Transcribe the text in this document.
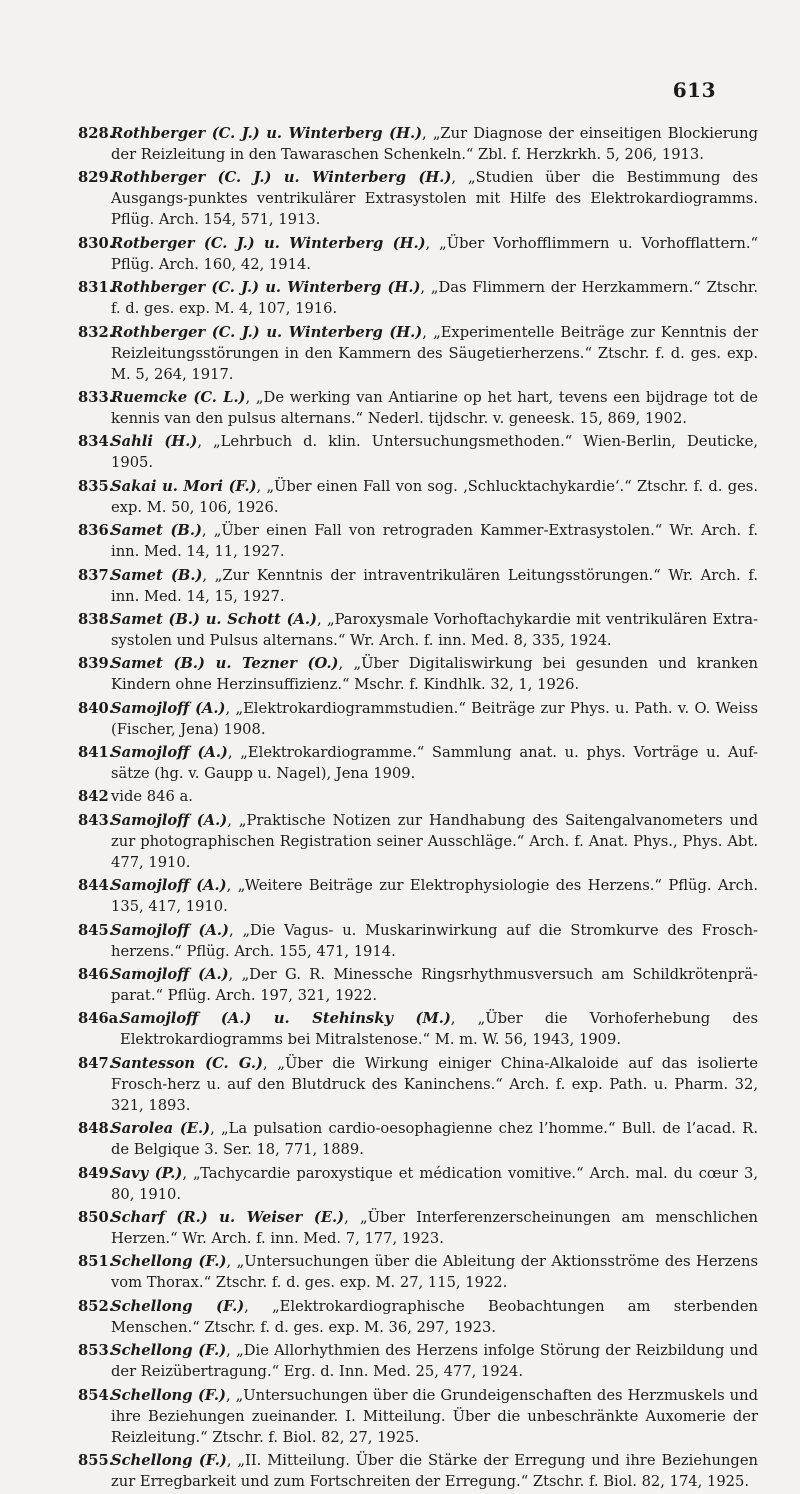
613

828.
Rothberger (C. J.) u. Winterberg (H.), „Zur Diagnose der einseitigen Blockierung der Reizleitung in den Tawaraschen Schenkeln.“ Zbl. f. Herzkrkh. 5, 206, 1913.

829.
Rothberger (C. J.) u. Winterberg (H.), „Studien über die Bestimmung des Ausgangs-punktes ventrikulärer Extrasystolen mit Hilfe des Elektrokardiogramms. Pflüg. Arch. 154, 571, 1913.

830.
Rotberger (C. J.) u. Winterberg (H.), „Über Vorhofflimmern u. Vorhofflattern.“ Pflüg. Arch. 160, 42, 1914.

831.
Rothberger (C. J.) u. Winterberg (H.), „Das Flimmern der Herzkammern.“ Ztschr. f. d. ges. exp. M. 4, 107, 1916.

832.
Rothberger (C. J.) u. Winterberg (H.), „Experimentelle Beiträge zur Kenntnis der Reizleitungsstörungen in den Kammern des Säugetierherzens.“ Ztschr. f. d. ges. exp. M. 5, 264, 1917.

833.
Ruemcke (C. L.), „De werking van Antiarine op het hart, tevens een bijdrage tot de kennis van den pulsus alternans.“ Nederl. tijdschr. v. geneesk. 15, 869, 1902.

834.
Sahli (H.), „Lehrbuch d. klin. Untersuchungsmethoden.“ Wien-Berlin, Deuticke, 1905.

835.
Sakai u. Mori (F.), „Über einen Fall von sog. ‚Schlucktachykardie‘.“ Ztschr. f. d. ges. exp. M. 50, 106, 1926.

836.
Samet (B.), „Über einen Fall von retrograden Kammer-Extrasystolen.“ Wr. Arch. f. inn. Med. 14, 11, 1927.

837.
Samet (B.), „Zur Kenntnis der intraventrikulären Leitungsstörungen.“ Wr. Arch. f. inn. Med. 14, 15, 1927.

838.
Samet (B.) u. Schott (A.), „Paroxysmale Vorhoftachykardie mit ventrikulären Extra-systolen und Pulsus alternans.“ Wr. Arch. f. inn. Med. 8, 335, 1924.

839.
Samet (B.) u. Tezner (O.), „Über Digitaliswirkung bei gesunden und kranken Kindern ohne Herzinsuffizienz.“ Mschr. f. Kindhlk. 32, 1, 1926.

840.
Samojloff (A.), „Elektrokardiogrammstudien.“ Beiträge zur Phys. u. Path. v. O. Weiss (Fischer, Jena) 1908.

841.
Samojloff (A.), „Elektrokardiogramme.“ Sammlung anat. u. phys. Vorträge u. Auf-sätze (hg. v. Gaupp u. Nagel), Jena 1909.

842 vide 846 a.

843.
Samojloff (A.), „Praktische Notizen zur Handhabung des Saitengalvanometers und zur photographischen Registration seiner Ausschläge.“ Arch. f. Anat. Phys., Phys. Abt. 477, 1910.

844.
Samojloff (A.), „Weitere Beiträge zur Elektrophysiologie des Herzens.“ Pflüg. Arch. 135, 417, 1910.

845.
Samojloff (A.), „Die Vagus- u. Muskarinwirkung auf die Stromkurve des Frosch-herzens.“ Pflüg. Arch. 155, 471, 1914.

846.
Samojloff (A.), „Der G. R. Minessche Ringsrhythmusversuch am Schildkrötenprä-parat.“ Pflüg. Arch. 197, 321, 1922.

846a.
Samojloff (A.) u. Stehinsky (M.), „Über die Vorhoferhebung des Elektrokardiogramms bei Mitralstenose.“ M. m. W. 56, 1943, 1909.

847.
Santesson (C. G.), „Über die Wirkung einiger China-Alkaloide auf das isolierte Frosch-herz u. auf den Blutdruck des Kaninchens.“ Arch. f. exp. Path. u. Pharm. 32, 321, 1893.

848.
Sarolea (E.), „La pulsation cardio-oesophagienne chez l’homme.“ Bull. de l’acad. R. de Belgique 3. Ser. 18, 771, 1889.

849.
Savy (P.), „Tachycardie paroxystique et médication vomitive.“ Arch. mal. du cœur 3, 80, 1910.

850.
Scharf (R.) u. Weiser (E.), „Über Interferenzerscheinungen am menschlichen Herzen.“ Wr. Arch. f. inn. Med. 7, 177, 1923.

851.
Schellong (F.), „Untersuchungen über die Ableitung der Aktionsströme des Herzens vom Thorax.“ Ztschr. f. d. ges. exp. M. 27, 115, 1922.

852.
Schellong (F.), „Elektrokardiographische Beobachtungen am sterbenden Menschen.“ Ztschr. f. d. ges. exp. M. 36, 297, 1923.

853.
Schellong (F.), „Die Allorhythmien des Herzens infolge Störung der Reizbildung und der Reizübertragung.“ Erg. d. Inn. Med. 25, 477, 1924.

854.
Schellong (F.), „Untersuchungen über die Grundeigenschaften des Herzmuskels und ihre Beziehungen zueinander. I. Mitteilung. Über die unbeschränkte Auxomerie der Reizleitung.“ Ztschr. f. Biol. 82, 27, 1925.

855.
Schellong (F.), „II. Mitteilung. Über die Stärke der Erregung und ihre Beziehungen zur Erregbarkeit und zum Fortschreiten der Erregung.“ Ztschr. f. Biol. 82, 174, 1925.
